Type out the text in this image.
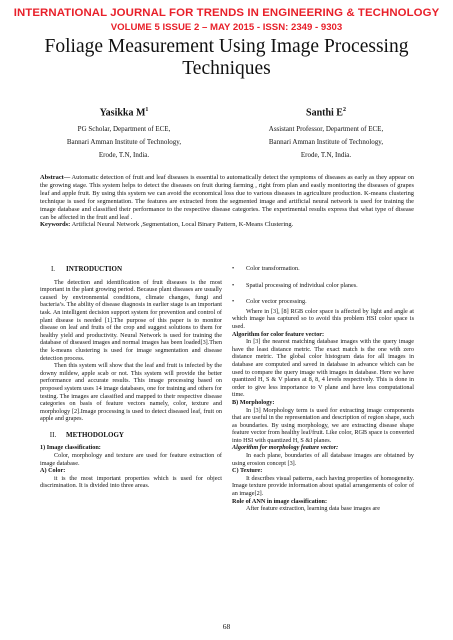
INTERNATIONAL JOURNAL FOR TRENDS IN ENGINEERING & TECHNOLOGY
VOLUME 5 ISSUE 2 – MAY 2015 - ISSN: 2349 - 9303
Foliage Measurement Using Image Processing Techniques
Yasikka $M^1$
PG Scholar, Department of ECE,
Bannari Amman Institute of Technology,
Erode, T.N, India.
Santhi $E^2$
Assistant Professor, Department of ECE,
Bannari Amman Institute of Technology,
Erode, T.N, India.
Abstract— Automatic detection of fruit and leaf diseases is essential to automatically detect the symptoms of diseases as early as they appear on the growing stage. This system helps to detect the diseases on fruit during farming , right from plan and easily monitoring the diseases of grapes leaf and apple fruit. By using this system we can avoid the economical loss due to various diseases in agriculture production. K-means clustering technique is used for segmentation. The features are extracted from the segmented image and artificial neural network is used for training the image database and classified their performance to the respective disease categories. The experimental results express that what type of disease can be affected in the fruit and leaf .
Keywords: Artificial Neural Network ,Segmentation, Local Binary Pattern, K-Means Clustering.
I. INTRODUCTION

The detection and identification of fruit diseases is the most important in the plant growing period. Because plant diseases are usually caused by environmental conditions, climate changes, fungi and bacteria’s. The ability of disease diagnosis in earlier stage is an important task. An intelligent decision support system for prevention and control of plant disease is needed [1].The purpose of this paper is to monitor disease on leaf and fruits of the crop and suggest solutions to them for healthy yield and productivity. Neural Network is used for training the database of diseased images and normal images has been loaded[3].Then the k-means clustering is used for image segmentation and disease detection process.

Then this system will show that the leaf and fruit is infected by the downy mildew, apple scab or not. This system will provide the better performance and accurate results. This image processing based on proposed system uses 14 image databases, one for training and others for testing. The images are classified and mapped to their respective disease categories on basis of feature vectors namely, color, texture and morphology [2].Image processing is used to detect diseased leaf, fruit on apple and grapes.

II. METHODOLOGY
1) Image classification:

Color, morphology and texture are used for feature extraction of image database.

A) Color:

it is the most important properties which is used for object discrimination. It is divided into three areas.

• Color transformation.
• Spatial processing of individual color planes.
• Color vector processing.

Where in [3], [8] RGB color space is affected by light and angle at which image has captured so to avoid this problem HSI color space is used.

Algorithm for color feature vector:

In [3] the nearest matching database images with the query image have the least distance metric. The exact match is the one with zero distance metric. The global color histogram data for all images in database are computed and saved in database in advance which can be used to compare the query image with images in database. Here we have quantized H, S & V planes at 8, 8, 4 levels respectively. This is done in order to give less importance to V plane and have less computational time.

B) Morphology:

In [3] Morphology term is used for extracting image components that are useful in the representation and description of region shape, such as boundaries. By using morphology, we are extracting disease shape feature vector from healthy leaf/fruit. Like color, RGB space is converted into HSI with quantized H, S &I planes.

Algorithm for morphology feature vector:

In each plane, boundaries of all database images are obtained by using erosion concept [3].

C) Texture:

It describes visual patterns, each having properties of homogeneity. Image texture provide information about spatial arrangements of color of an image[2].

Role of ANN in image classification:

After feature extraction, learning data base images are

68
